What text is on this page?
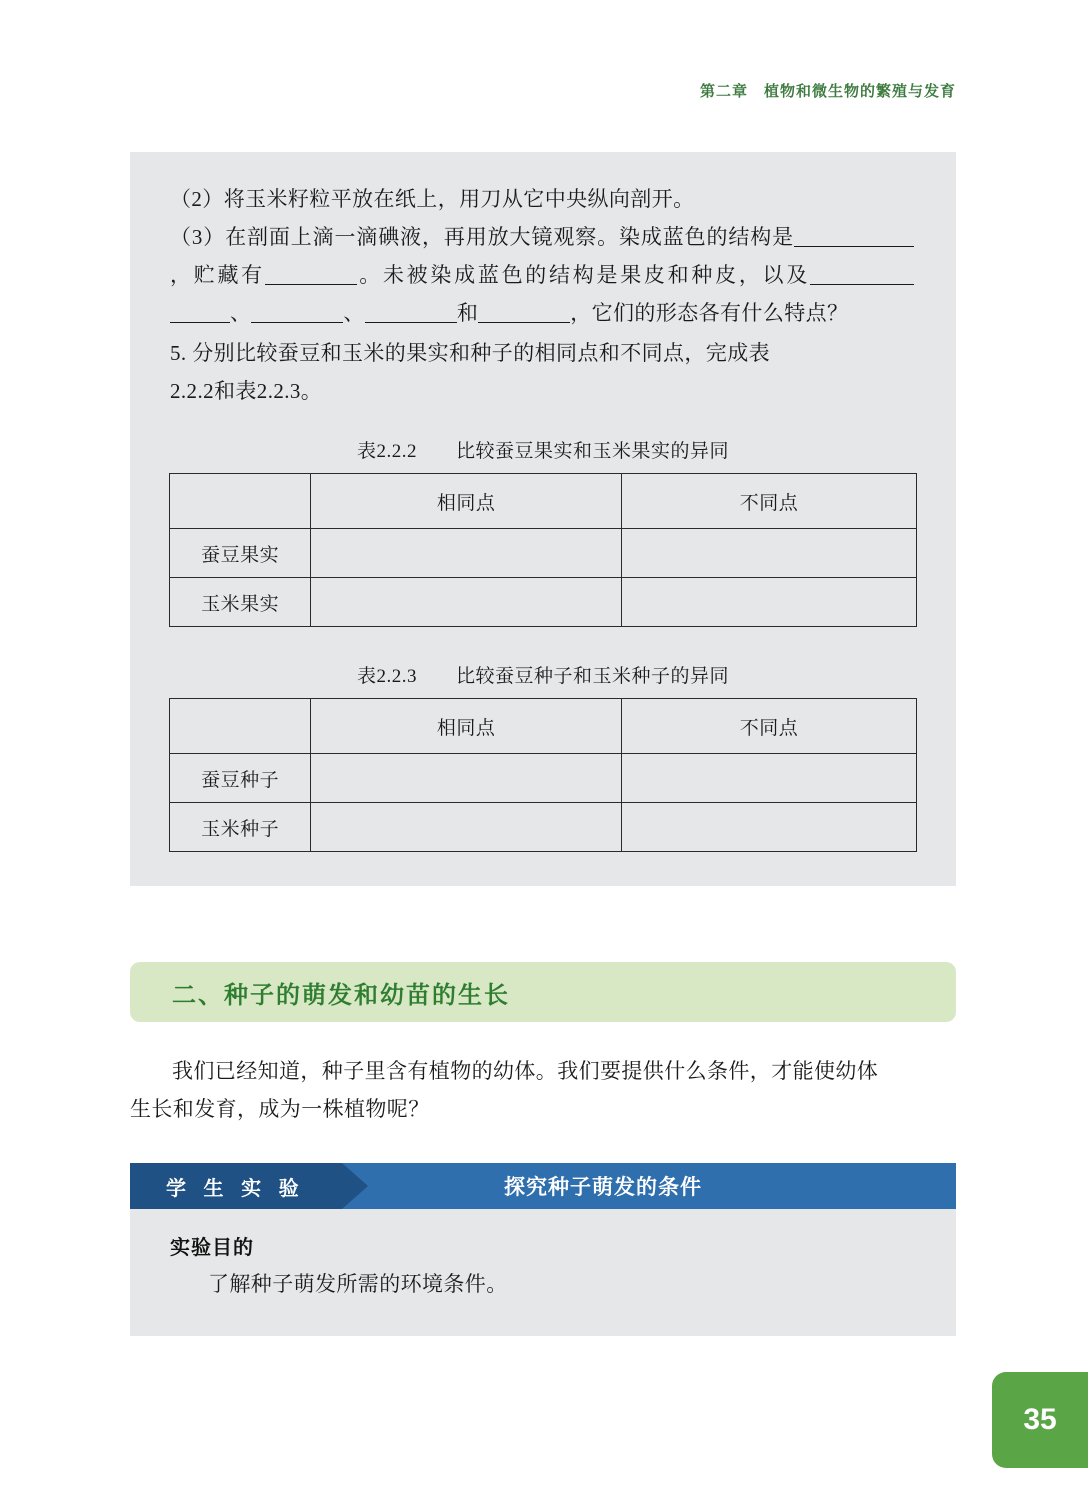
第二章　植物和微生物的繁殖与发育

（2）将玉米籽粒平放在纸上，用刀从它中央纵向剖开。

（3）在剖面上滴一滴碘液，再用放大镜观察。染成蓝色的结构是，贮藏有	。未被染成蓝色的结构是果皮和种皮，以及、	、	和	，它们的形态各有什么特点？

5. 分别比较蚕豆和玉米的果实和种子的相同点和不同点，完成表

2.2.2和表2.2.3。

表2.2.2　　比较蚕豆果实和玉米果实的异同
	相同点	不同点
蚕豆果实		
玉米果实		
表2.2.3　　比较蚕豆种子和玉米种子的异同
	相同点	不同点
蚕豆种子		
玉米种子		
二、种子的萌发和幼苗的生长
我们已经知道，种子里含有植物的幼体。我们要提供什么条件，才能使幼体
生长和发育，成为一株植物呢？
学 生 实 验	探究种子萌发的条件

实验目的

了解种子萌发所需的环境条件。

35
